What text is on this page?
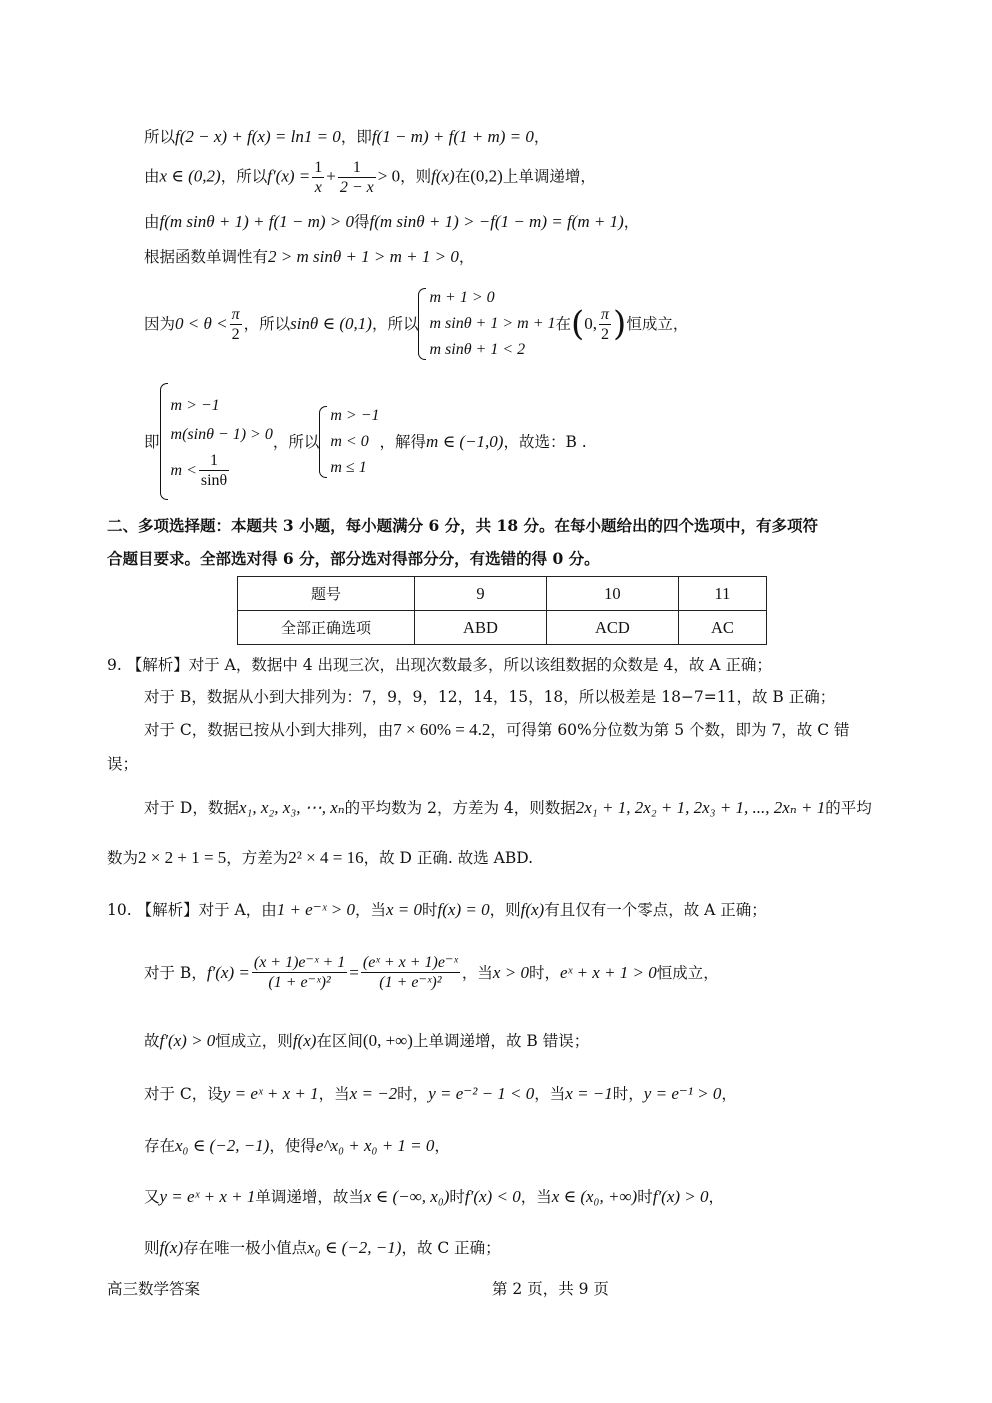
所以f(2 − x) + f(x) = ln1 = 0，即f(1 − m) + f(1 + m) = 0，
由x ∈ (0,2)，所以$f'(x) = \frac{1}{x} + \frac{1}{2 - x} > 0$，则f(x)在(0,2)上单调递增，
由f(m sinθ + 1) + f(1 − m) > 0得f(m sinθ + 1) > −f(1 − m) = f(m + 1)，
根据函数单调性有2 > m sinθ + 1 > m + 1 > 0，
因为 $0 < \theta < \frac{\pi}{2}$ ，所以 sinθ ∈ (0,1) ，所以
m + 1 > 0
m sinθ + 1 > m + 1
m sinθ + 1 < 2
在 ( 0, $\frac{\pi}{2}$ ) 恒成立，
即
m > −1
m(sinθ − 1) > 0
$m < \frac{1}{\sin\theta}$
，所以
m > −1
m < 0
m ≤ 1
，解得 m ∈ (−1,0) ，故选：B .
二、多项选择题：本题共 3 小题，每小题满分 6 分，共 18 分。在每小题给出的四个选项中，有多项符
合题目要求。全部选对得 6 分，部分选对得部分分，有选错的得 0 分。
题号	9	10	11
全部正确选项	ABD	ACD	AC
9. 【解析】对于 A，数据中 4 出现三次，出现次数最多，所以该组数据的众数是 4，故 A 正确；
对于 B，数据从小到大排列为：7，9，9，12，14，15，18，所以极差是 18−7=11，故 B 正确；
对于 C，数据已按从小到大排列，由7 × 60% = 4.2，可得第 60%分位数为第 5 个数，即为 7，故 C 错
误；
对于 D，数据x₁, x₂, x₃, ⋯, xₙ的平均数为 2，方差为 4，则数据2x₁ + 1, 2x₂ + 1, 2x₃ + 1, ..., 2xₙ + 1的平均
数为2 × 2 + 1 = 5，方差为2² × 4 = 16，故 D 正确. 故选 ABD.
10. 【解析】对于 A，由1 + e⁻ˣ > 0，当x = 0时f(x) = 0，则f(x)有且仅有一个零点，故 A 正确；
对于 B， $f'(x) = \frac{\text{(x + 1)e⁻ˣ + 1}}{\text{(1 + e⁻ˣ)²}} = \frac{\text{(eˣ + x + 1)e⁻ˣ}}{\text{(1 + e⁻ˣ)²}}$ ，当 x > 0 时， eˣ + x + 1 > 0 恒成立，
故f′(x) > 0恒成立，则f(x)在区间(0, +∞)上单调递增，故 B 错误；
对于 C，设y = eˣ + x + 1，当x = −2时，y = e⁻² − 1 < 0，当x = −1时，y = e⁻¹ > 0，
存在x₀ ∈ (−2, −1)，使得e^x₀ + x₀ + 1 = 0，
又y = eˣ + x + 1单调递增，故当x ∈ (−∞, x₀)时f′(x) < 0，当x ∈ (x₀, +∞)时f′(x) > 0，
则f(x)存在唯一极小值点x₀ ∈ (−2, −1)，故 C 正确；
高三数学答案	第 2 页，共 9 页
